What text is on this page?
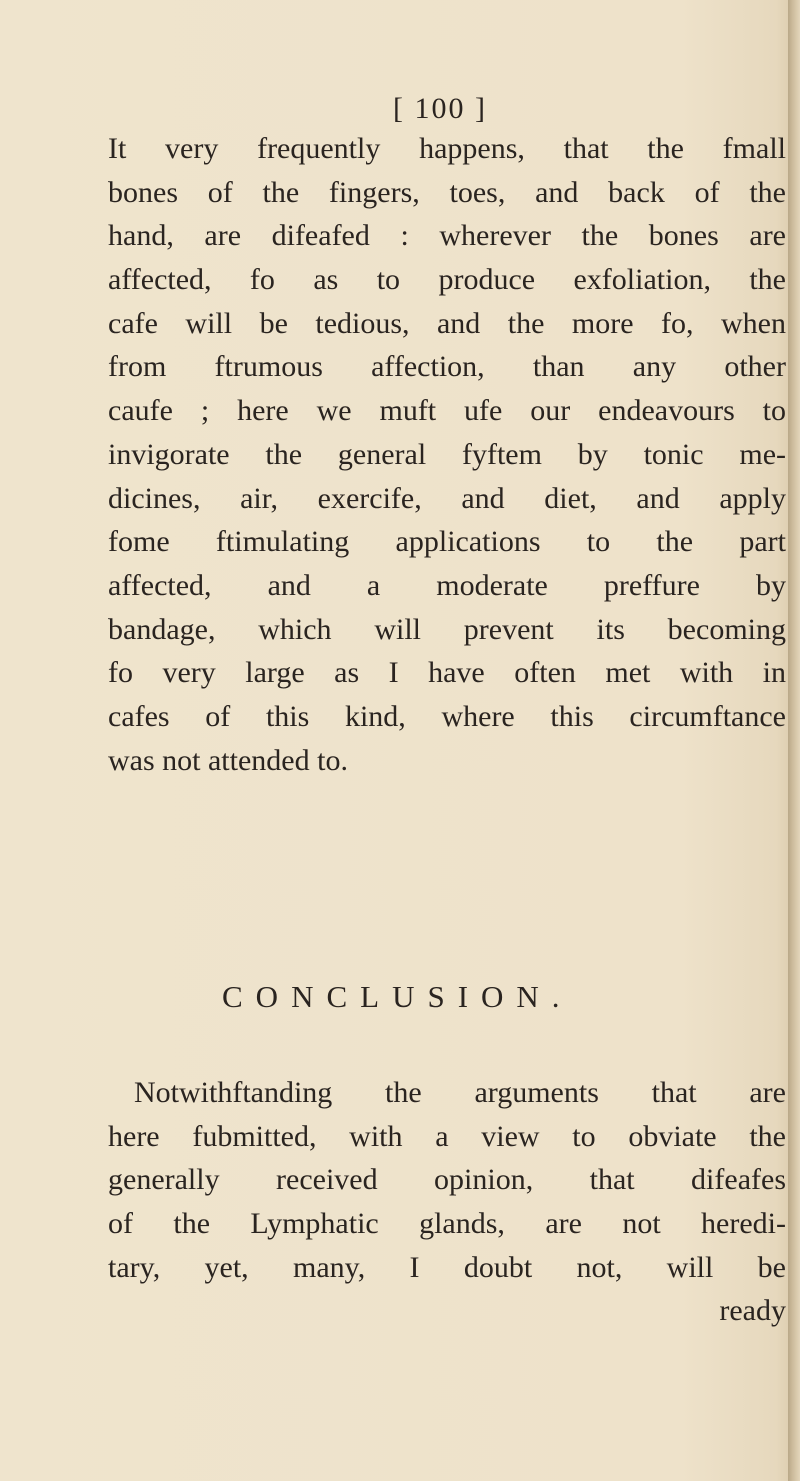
[ 100 ]
It very frequently happens, that the fmall
bones of the fingers, toes, and back of the
hand, are difeafed : wherever the bones are
affected, fo as to produce exfoliation, the
cafe will be tedious, and the more fo, when
from ftrumous affection, than any other
caufe ; here we muft ufe our endeavours to
invigorate the general fyftem by tonic me-
dicines, air, exercife, and diet, and apply
fome ftimulating applications to the part
affected, and a moderate preffure by
bandage, which will prevent its becoming
fo very large as I have often met with in
cafes of this kind, where this circumftance
was not attended to.
CONCLUSION.
Notwithftanding the arguments that are
here fubmitted, with a view to obviate the
generally received opinion, that difeafes
of the Lymphatic glands, are not heredi-
tary, yet, many, I doubt not, will be
ready
